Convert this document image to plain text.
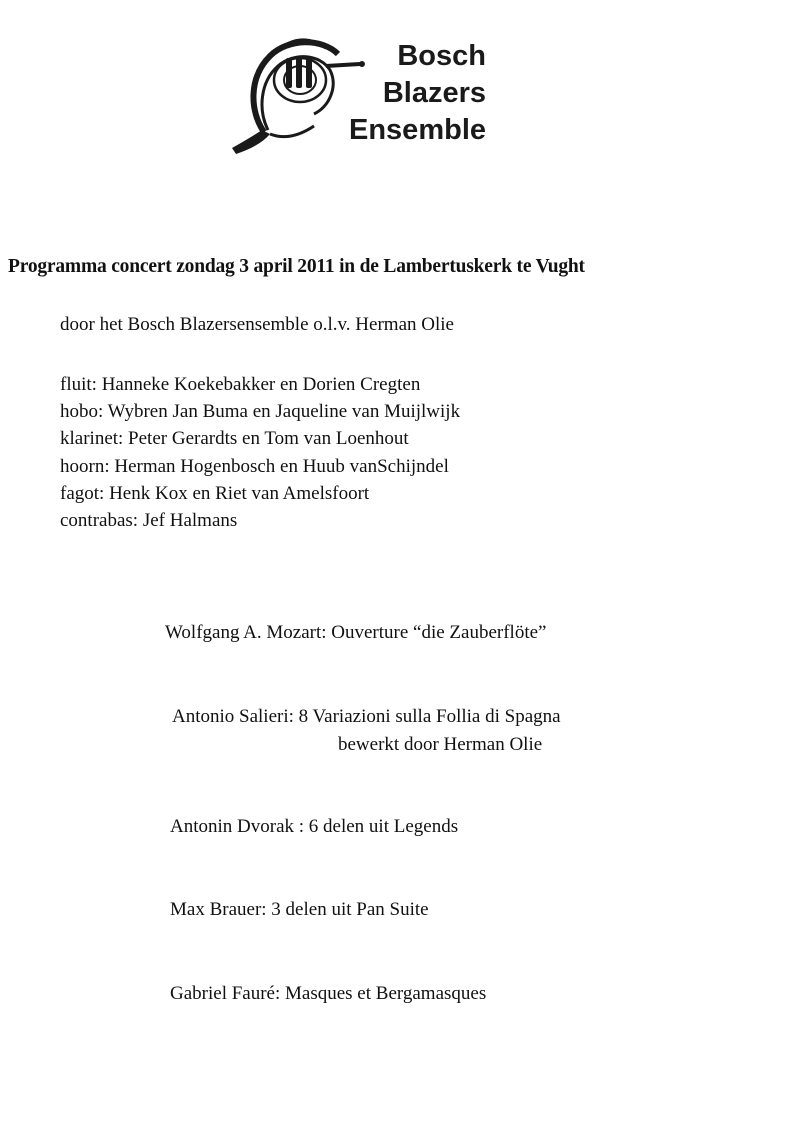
Bosch
Blazers
Ensemble
Programma concert zondag 3 april 2011 in de Lambertuskerk te Vught
door het Bosch Blazersensemble o.l.v. Herman Olie
fluit: Hanneke Koekebakker en Dorien Cregten
hobo: Wybren Jan Buma en Jaqueline van Muijlwijk
klarinet: Peter Gerardts en Tom van Loenhout
hoorn: Herman Hogenbosch en Huub vanSchijndel
fagot: Henk Kox en Riet van Amelsfoort
contrabas: Jef Halmans
Wolfgang A. Mozart: Ouverture “die Zauberflöte”
Antonio Salieri: 8 Variazioni sulla Follia di Spagna
bewerkt door Herman Olie
Antonin Dvorak : 6 delen uit Legends
Max Brauer: 3 delen uit Pan Suite
Gabriel Fauré: Masques et Bergamasques
